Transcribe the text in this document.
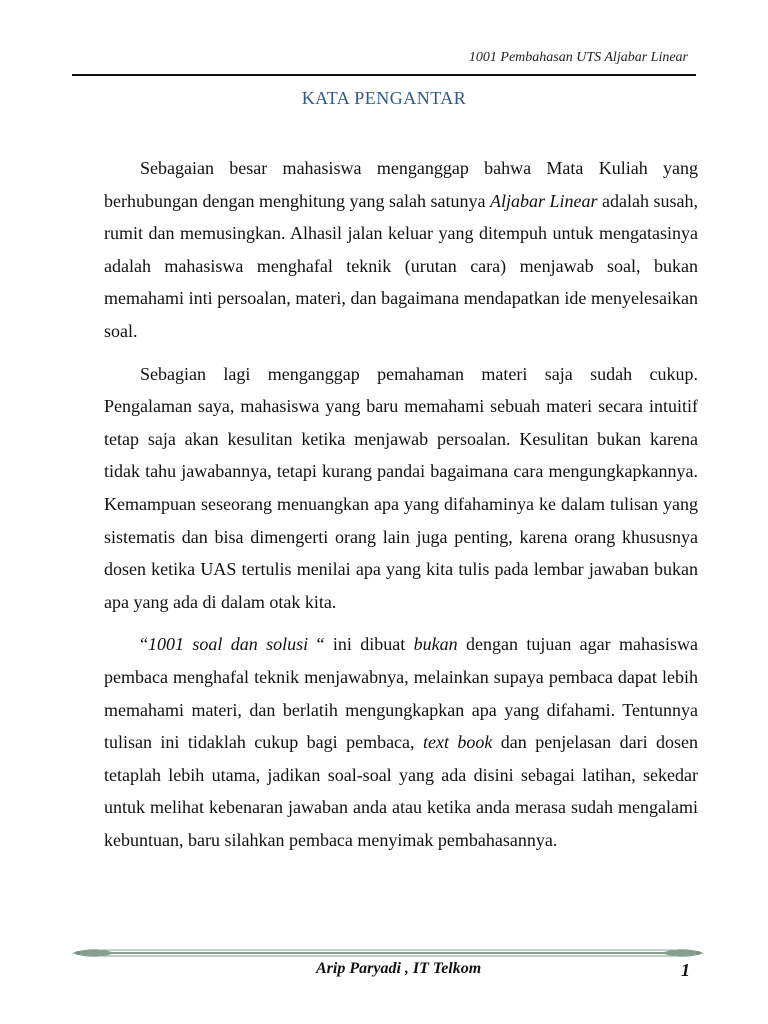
1001 Pembahasan UTS Aljabar Linear
KATA PENGANTAR

Sebagaian besar mahasiswa menganggap bahwa Mata Kuliah yang berhubungan dengan menghitung yang salah satunya Aljabar Linear adalah susah, rumit dan memusingkan. Alhasil jalan keluar yang ditempuh untuk mengatasinya adalah mahasiswa menghafal teknik (urutan cara) menjawab soal, bukan memahami inti persoalan, materi, dan bagaimana mendapatkan ide menyelesaikan soal.

Sebagian lagi menganggap pemahaman materi saja sudah cukup. Pengalaman saya, mahasiswa yang baru memahami sebuah materi secara intuitif tetap saja akan kesulitan ketika menjawab persoalan. Kesulitan bukan karena tidak tahu jawabannya, tetapi kurang pandai bagaimana cara mengungkapkannya. Kemampuan seseorang menuangkan apa yang difahaminya ke dalam tulisan yang sistematis dan bisa dimengerti orang lain juga penting, karena orang khususnya dosen ketika UAS tertulis menilai apa yang kita tulis pada lembar jawaban bukan apa yang ada di dalam otak kita.

“1001 soal dan solusi “ ini dibuat bukan dengan tujuan agar mahasiswa pembaca menghafal teknik menjawabnya, melainkan supaya pembaca dapat lebih memahami materi, dan berlatih mengungkapkan apa yang difahami. Tentunnya tulisan ini tidaklah cukup bagi pembaca, text book dan penjelasan dari dosen tetaplah lebih utama, jadikan soal-soal yang ada disini sebagai latihan, sekedar untuk melihat kebenaran jawaban anda atau ketika anda merasa sudah mengalami kebuntuan, baru silahkan pembaca menyimak pembahasannya.

Arip Paryadi , IT Telkom	1
